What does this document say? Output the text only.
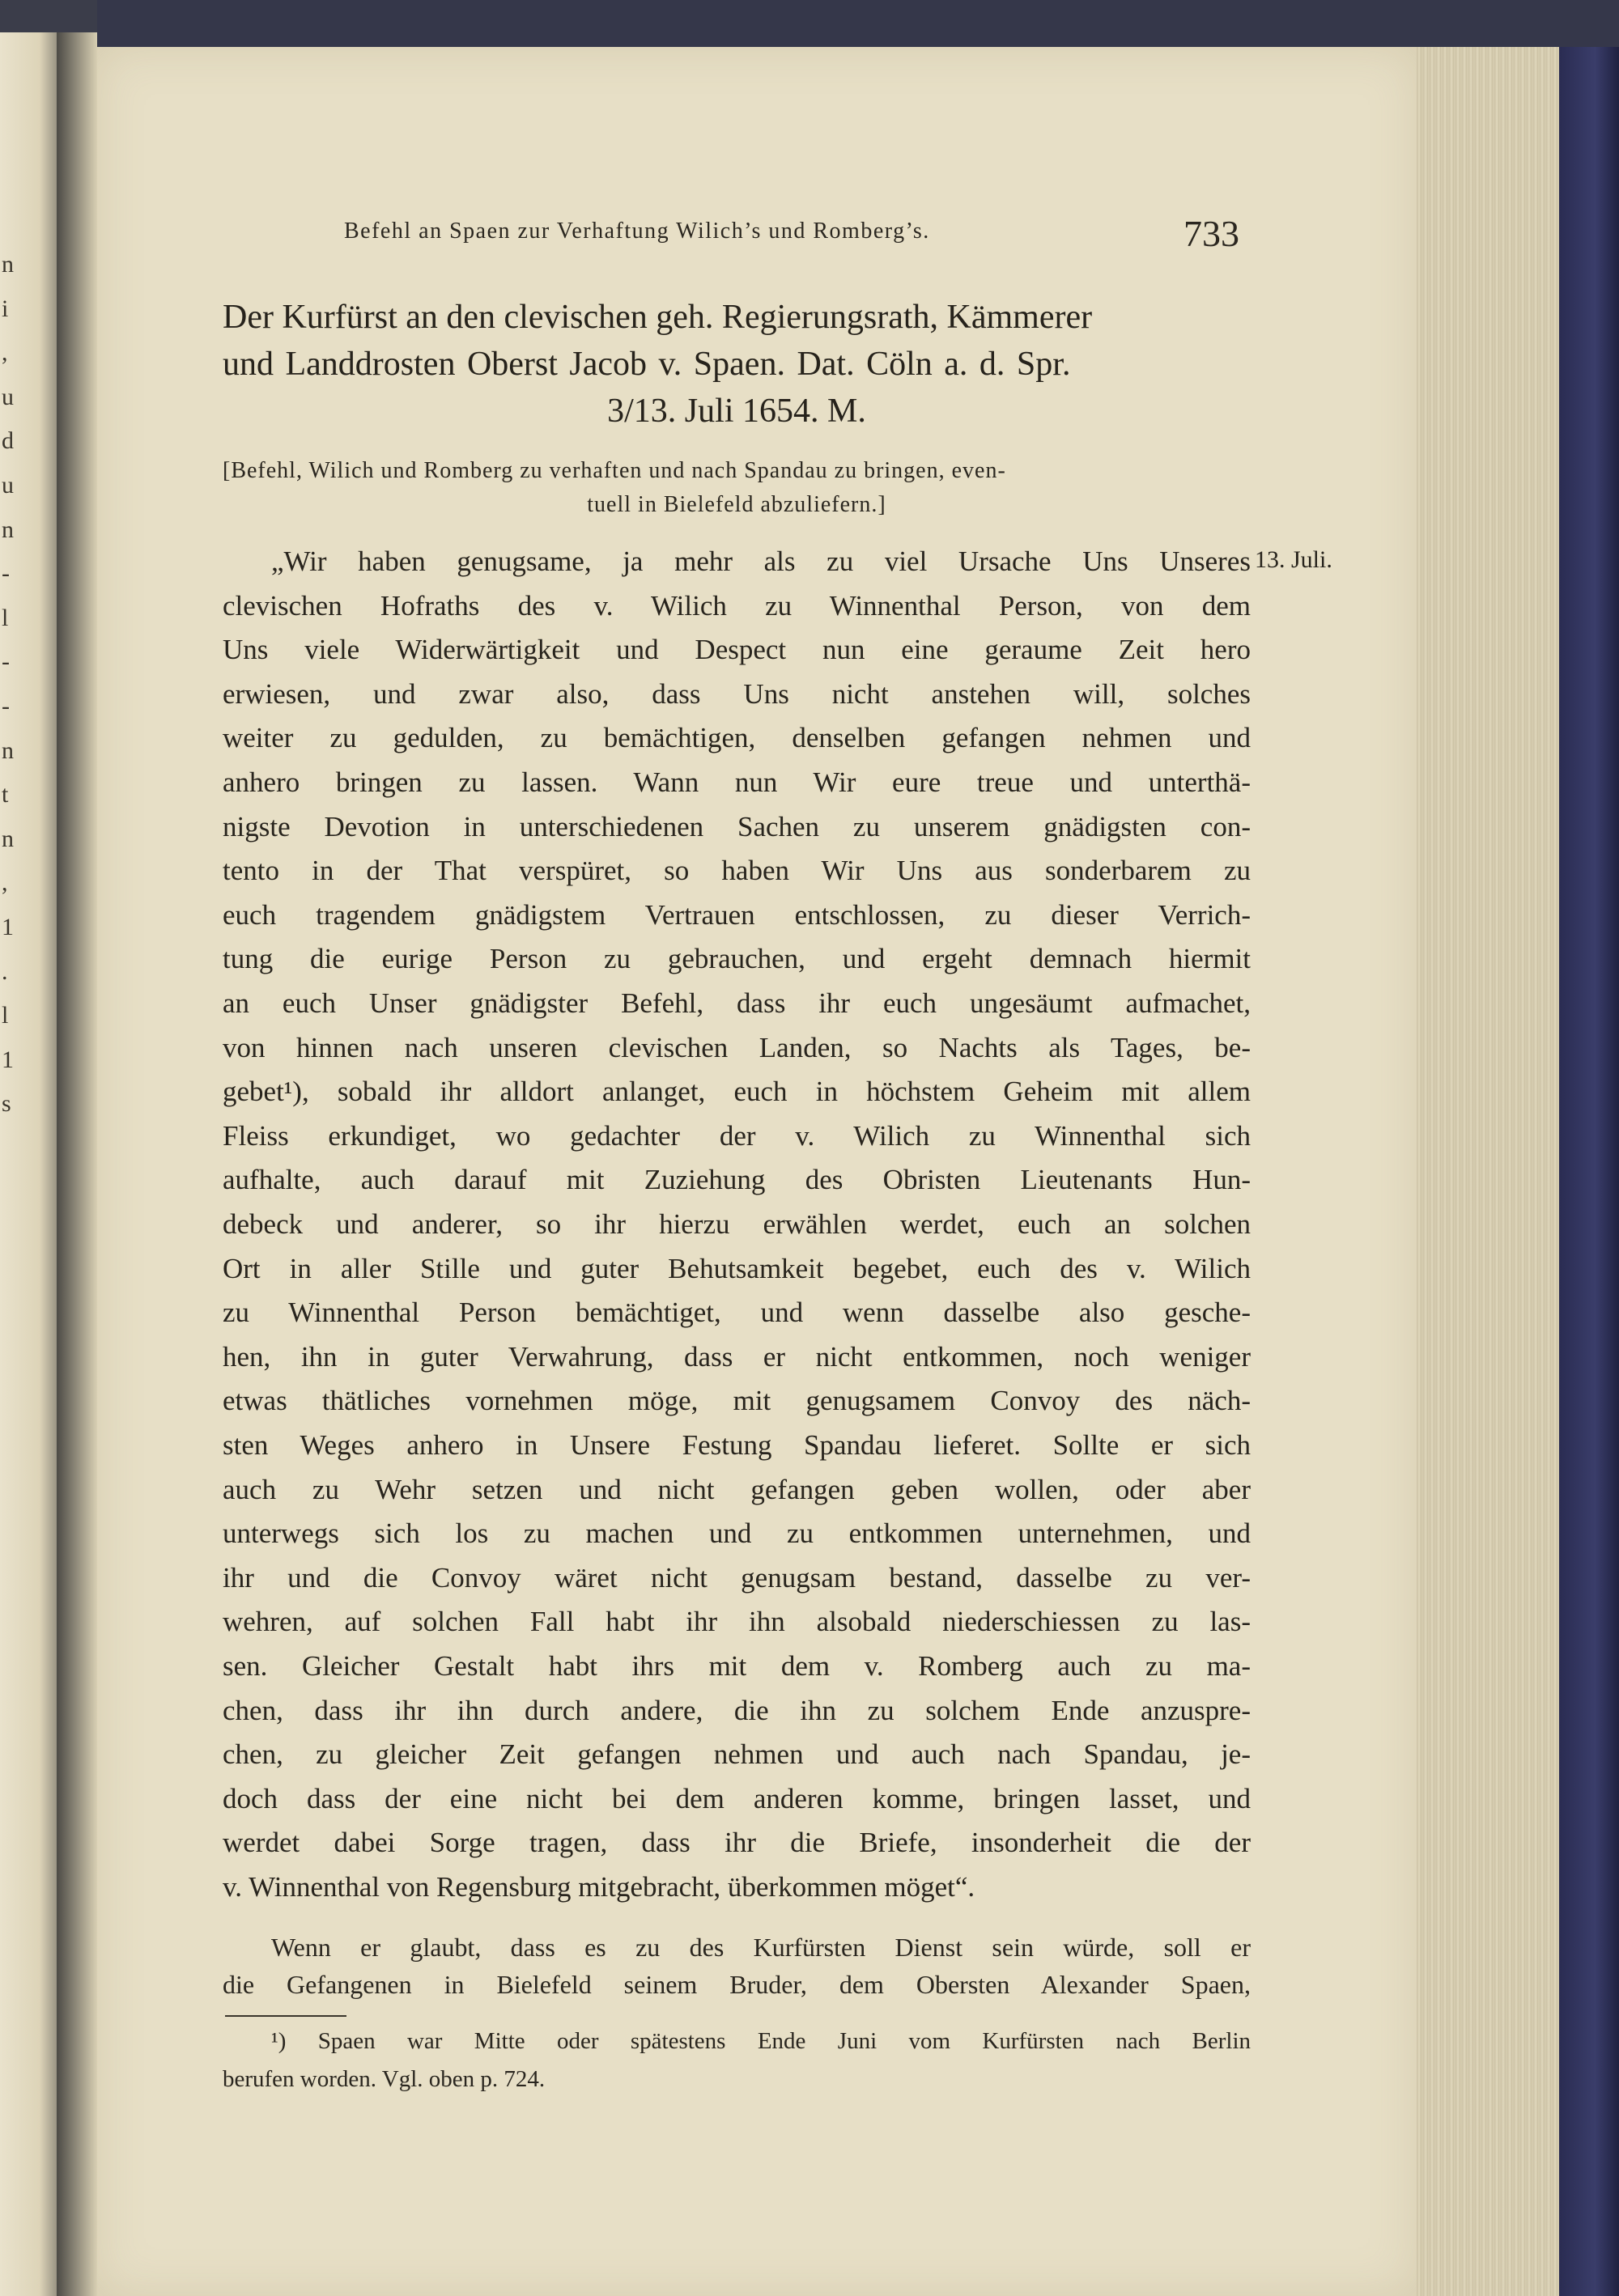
n
i
,
u
d
u
n
-
l
-
-
n
t
n
,
1
.
l
1
s
Befehl an Spaen zur Verhaftung Wilich’s und Romberg’s.	733
Der Kurfürst an den clevischen geh. Regierungsrath, Kämmerer
und Landdrosten Oberst Jacob v. Spaen. Dat. Cöln a. d. Spr.
3/13. Juli 1654. M.
[Befehl, Wilich und Romberg zu verhaften und nach Spandau zu bringen, even-
tuell in Bielefeld abzuliefern.]
13. Juli.
„Wir haben genugsame, ja mehr als zu viel Ursache Uns Unseres
clevischen Hofraths des v. Wilich zu Winnenthal Person, von dem
Uns viele Widerwärtigkeit und Despect nun eine geraume Zeit hero
erwiesen, und zwar also, dass Uns nicht anstehen will, solches
weiter zu gedulden, zu bemächtigen, denselben gefangen nehmen und
anhero bringen zu lassen. Wann nun Wir eure treue und unterthä-
nigste Devotion in unterschiedenen Sachen zu unserem gnädigsten con-
tento in der That verspüret, so haben Wir Uns aus sonderbarem zu
euch tragendem gnädigstem Vertrauen entschlossen, zu dieser Verrich-
tung die eurige Person zu gebrauchen, und ergeht demnach hiermit
an euch Unser gnädigster Befehl, dass ihr euch ungesäumt aufmachet,
von hinnen nach unseren clevischen Landen, so Nachts als Tages, be-
gebet¹), sobald ihr alldort anlanget, euch in höchstem Geheim mit allem
Fleiss erkundiget, wo gedachter der v. Wilich zu Winnenthal sich
aufhalte, auch darauf mit Zuziehung des Obristen Lieutenants Hun-
debeck und anderer, so ihr hierzu erwählen werdet, euch an solchen
Ort in aller Stille und guter Behutsamkeit begebet, euch des v. Wilich
zu Winnenthal Person bemächtiget, und wenn dasselbe also gesche-
hen, ihn in guter Verwahrung, dass er nicht entkommen, noch weniger
etwas thätliches vornehmen möge, mit genugsamem Convoy des näch-
sten Weges anhero in Unsere Festung Spandau lieferet. Sollte er sich
auch zu Wehr setzen und nicht gefangen geben wollen, oder aber
unterwegs sich los zu machen und zu entkommen unternehmen, und
ihr und die Convoy wäret nicht genugsam bestand, dasselbe zu ver-
wehren, auf solchen Fall habt ihr ihn alsobald niederschiessen zu las-
sen. Gleicher Gestalt habt ihrs mit dem v. Romberg auch zu ma-
chen, dass ihr ihn durch andere, die ihn zu solchem Ende anzuspre-
chen, zu gleicher Zeit gefangen nehmen und auch nach Spandau, je-
doch dass der eine nicht bei dem anderen komme, bringen lasset, und
werdet dabei Sorge tragen, dass ihr die Briefe, insonderheit die der
v. Winnenthal von Regensburg mitgebracht, überkommen möget“.
Wenn er glaubt, dass es zu des Kurfürsten Dienst sein würde, soll er
die Gefangenen in Bielefeld seinem Bruder, dem Obersten Alexander Spaen,
¹) Spaen war Mitte oder spätestens Ende Juni vom Kurfürsten nach Berlin
berufen worden. Vgl. oben p. 724.
